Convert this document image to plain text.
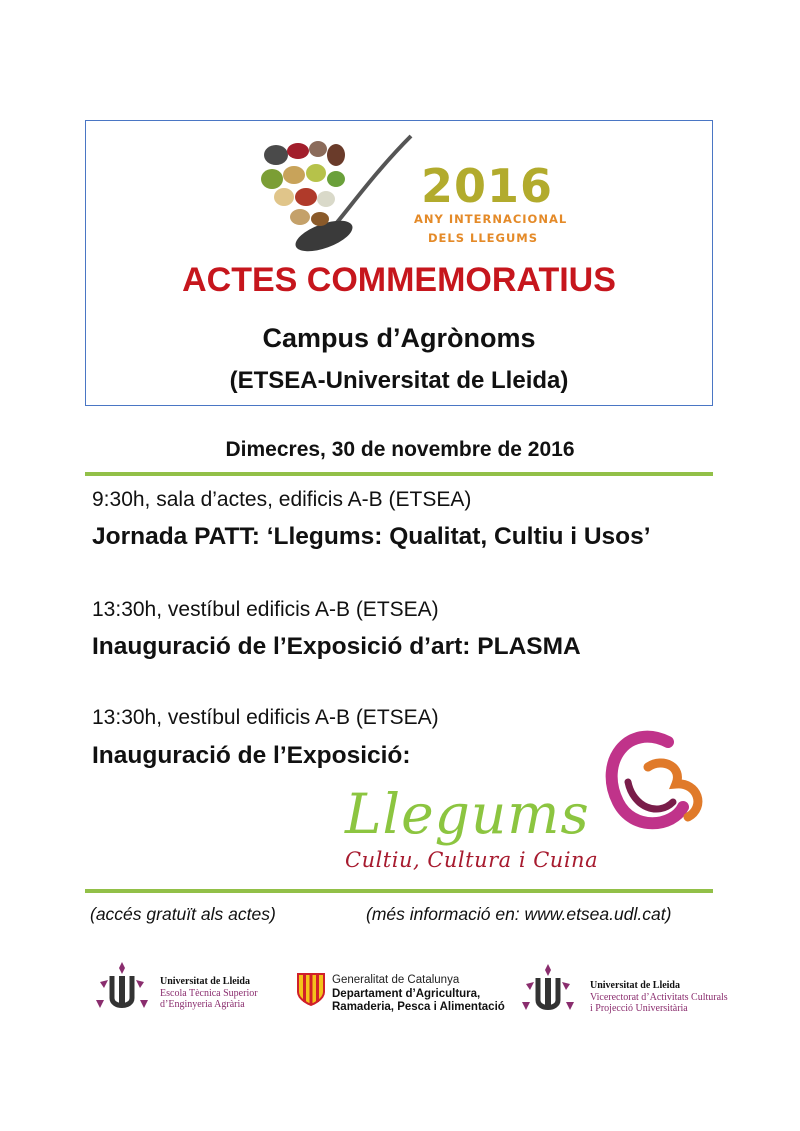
2016
ANY INTERNACIONAL
DELS LLEGUMS
ACTES COMMEMORATIUS
Campus d’Agrònoms
(ETSEA-Universitat de Lleida)
Dimecres, 30 de novembre de 2016
9:30h, sala d’actes, edificis A-B (ETSEA)
Jornada PATT: ‘Llegums: Qualitat, Cultiu i Usos’
13:30h, vestíbul edificis A-B (ETSEA)
Inauguració de l’Exposició d’art: PLASMA
13:30h, vestíbul edificis A-B (ETSEA)
Inauguració de l’Exposició:
Llegums
Cultiu, Cultura i Cuina
(accés gratuït als actes)	(més informació en: www.etsea.udl.cat)
Universitat de Lleida
Escola Tècnica Superior
d’Enginyeria Agrària
Generalitat de Catalunya
Departament d’Agricultura,
Ramaderia, Pesca i Alimentació
Universitat de Lleida
Vicerectorat d’Activitats Culturals
i Projecció Universitària
